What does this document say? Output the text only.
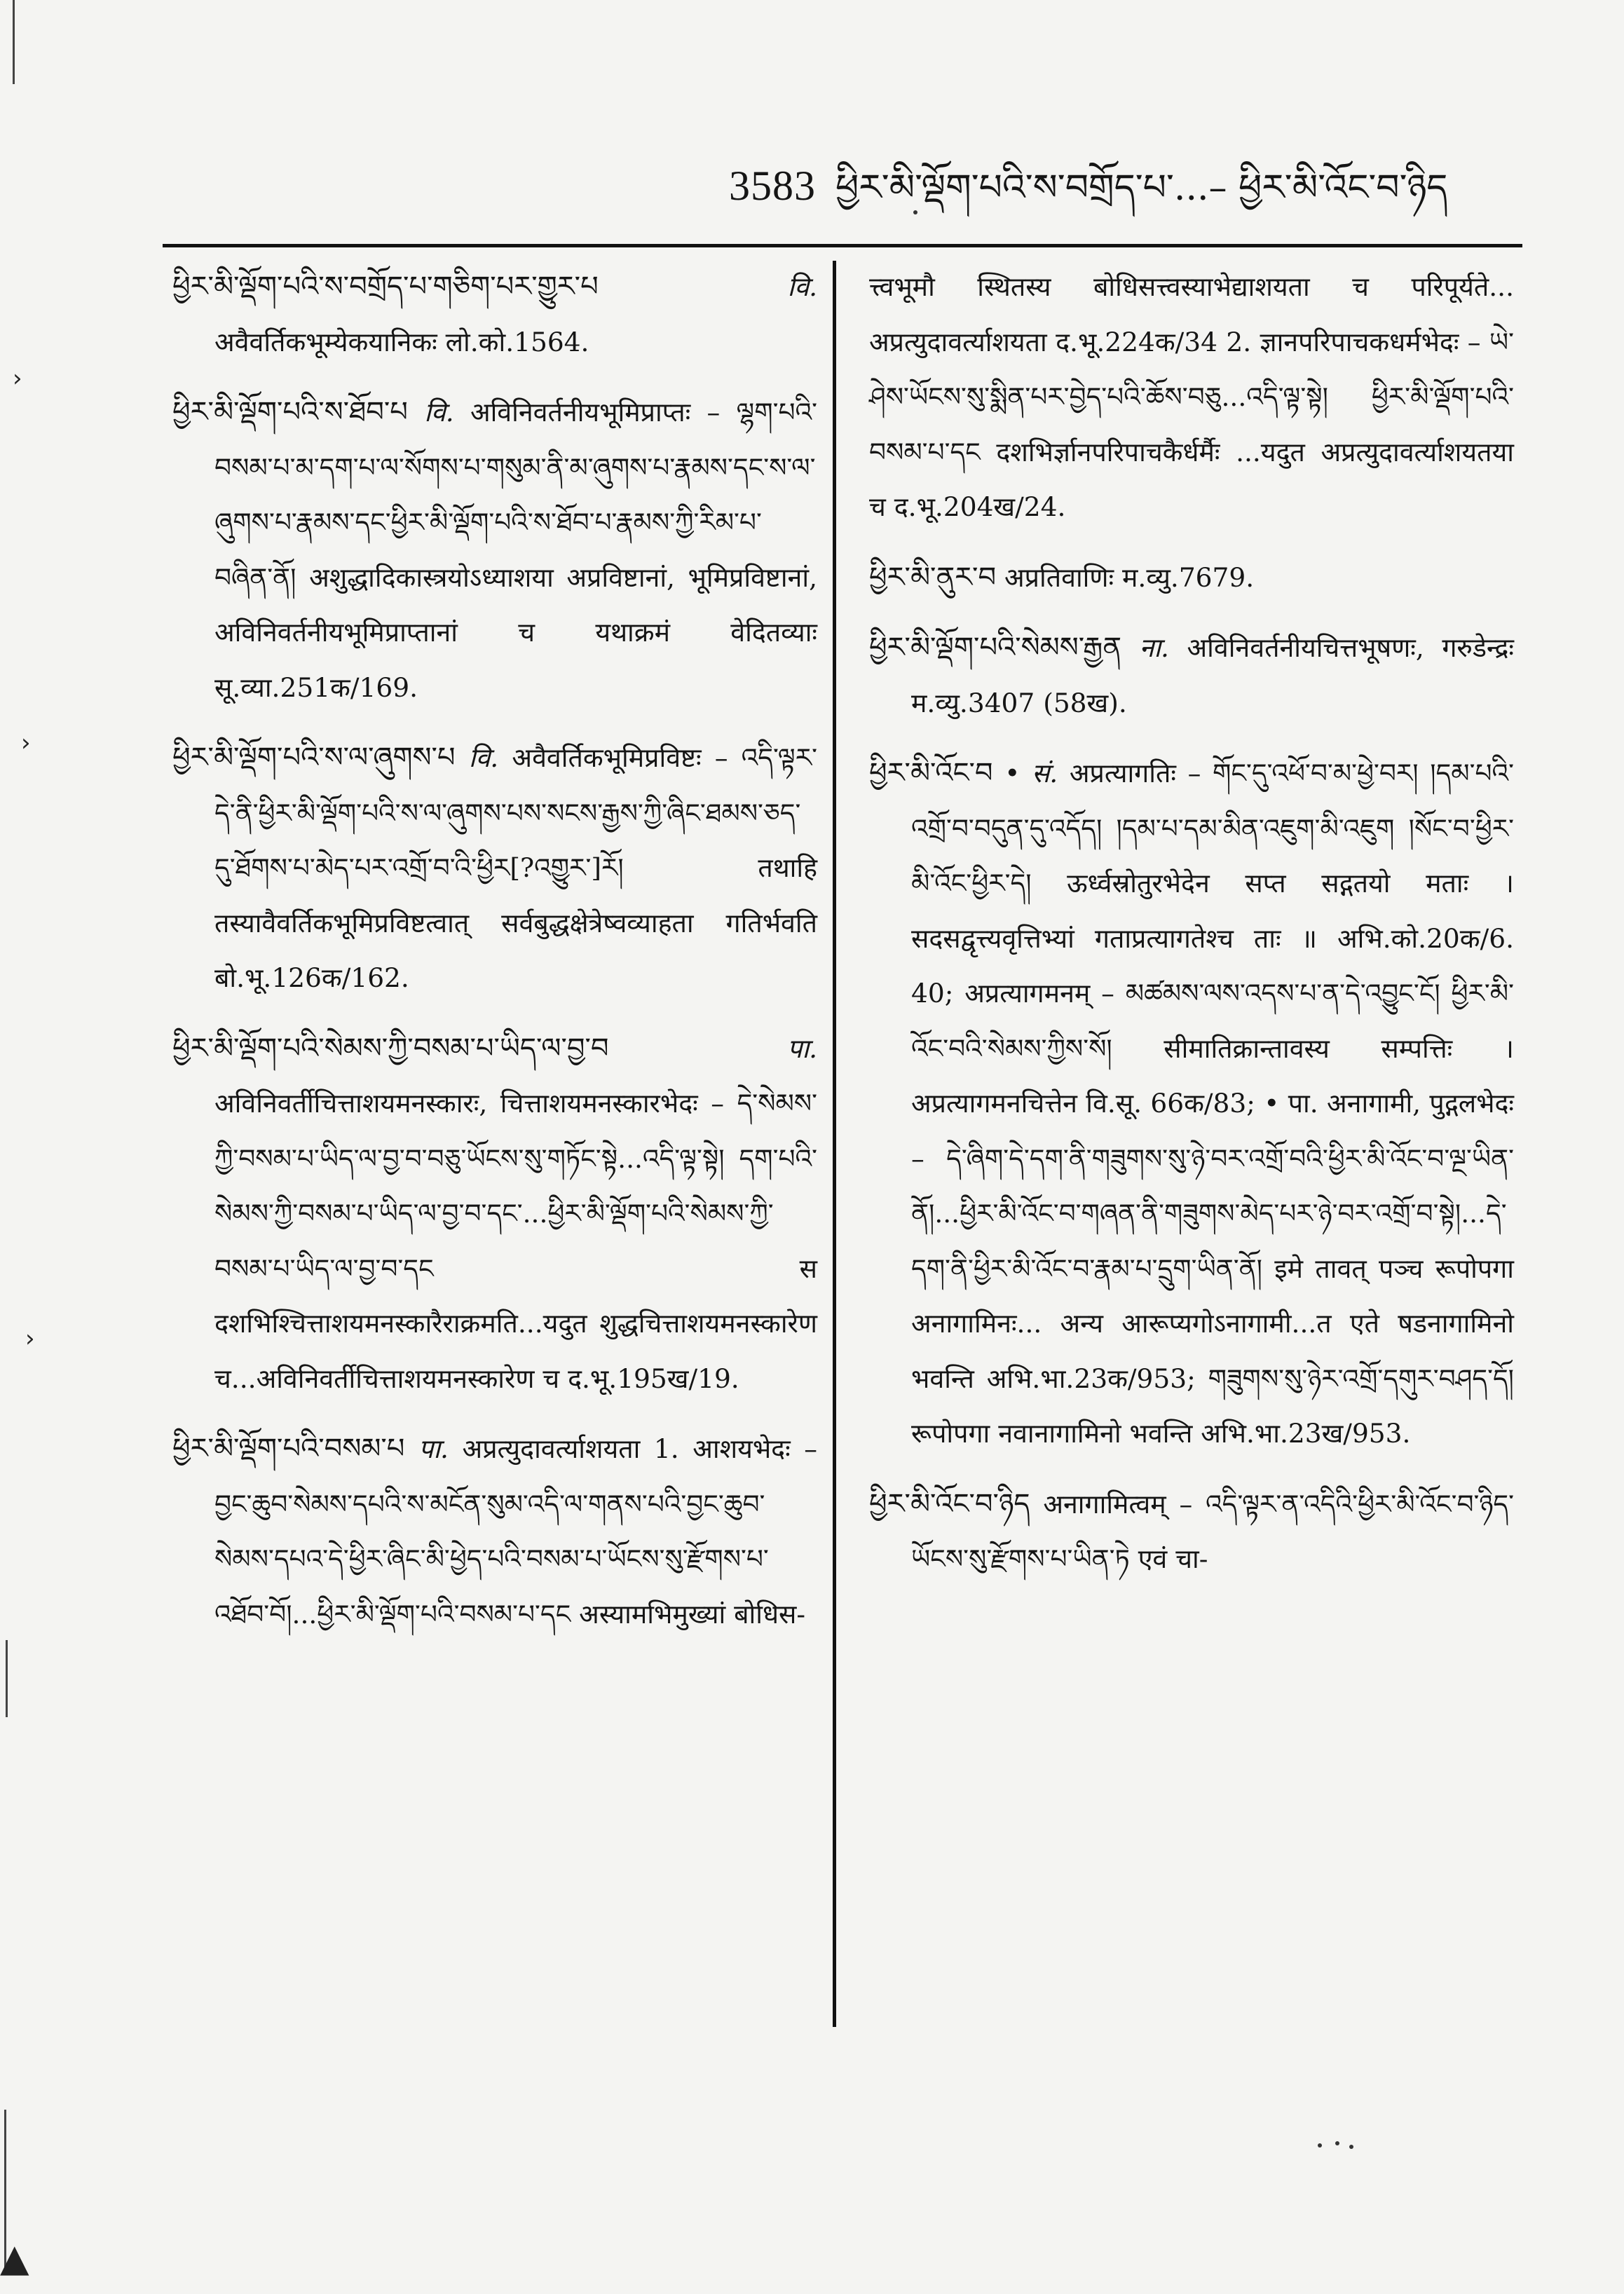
›
›
›
▲
3583 ཕྱིར་མི་ལྡོག་པའི་ས་བགྲོད་པ་...– ཕྱིར་མི་འོང་བ་ཉིད

ཕྱིར་མི་ལྡོག་པའི་ས་བགྲོད་པ་གཅིག་པར་གྱུར་པ	वि. अवैवर्तिकभूम्येकयानिकः लो.को.1564.

ཕྱིར་མི་ལྡོག་པའི་ས་ཐོབ་པ वि. अविनिवर्तनीयभूमिप्राप्तः – ལྷག་པའི་བསམ་པ་མ་དག་པ་ལ་སོགས་པ་གསུམ་ནི་མ་ཞུགས་པ་རྣམས་དང་ས་ལ་ཞུགས་པ་རྣམས་དང་ཕྱིར་མི་ལྡོག་པའི་ས་ཐོབ་པ་རྣམས་ཀྱི་རིམ་པ་བཞིན་ནོ། अशुद्धादिकास्त्रयोऽध्याशया अप्रविष्टानां, भूमिप्रविष्टानां, अविनिवर्तनीयभूमिप्राप्तानां च यथाक्रमं वेदितव्याः सू.व्या.251क/169.

ཕྱིར་མི་ལྡོག་པའི་ས་ལ་ཞུགས་པ वि. अवैवर्तिकभूमिप्रविष्टः – འདི་ལྟར་དེ་ནི་ཕྱིར་མི་ལྡོག་པའི་ས་ལ་ཞུགས་པས་སངས་རྒྱས་ཀྱི་ཞིང་ཐམས་ཅད་དུ་ཐོགས་པ་མེད་པར་འགྲོ་བ་འི་ཕྱིར[?འགྱུར་]རོ། तथाहि तस्यावैवर्तिकभूमिप्रविष्टत्वात् सर्वबुद्धक्षेत्रेष्वव्याहता गतिर्भवति बो.भू.126क/162.

ཕྱིར་མི་ལྡོག་པའི་སེམས་ཀྱི་བསམ་པ་ཡིད་ལ་བྱ་བ	पा. अविनिवर्तीचित्ताशयमनस्कारः, चित्ताशयमनस्कारभेदः – དེ་སེམས་ཀྱི་བསམ་པ་ཡིད་ལ་བྱ་བ་བཅུ་ཡོངས་སུ་གཏོང་སྟེ...འདི་ལྟ་སྟེ། དག་པའི་སེམས་ཀྱི་བསམ་པ་ཡིད་ལ་བྱ་བ་དང་...ཕྱིར་མི་ལྡོག་པའི་སེམས་ཀྱི་བསམ་པ་ཡིད་ལ་བྱ་བ་དང स दशभिश्चित्ताशयमनस्कारैराक्रमति...यदुत शुद्धचित्ताशयमनस्कारेण च...अविनिवर्तीचित्ताशयमनस्कारेण च द.भू.195ख/19.

ཕྱིར་མི་ལྡོག་པའི་བསམ་པ पा. अप्रत्युदावर्त्याशयता 1. आशयभेदः – བྱང་ཆུབ་སེམས་དཔའི་ས་མངོན་སུམ་འདི་ལ་གནས་པའི་བྱང་ཆུབ་སེམས་དཔའ་དེ་ཕྱིར་ཞིང་མི་ཕྱེད་པའི་བསམ་པ་ཡོངས་སུ་རྫོགས་པ་འཐོབ་བོ།...ཕྱིར་མི་ལྡོག་པའི་བསམ་པ་དང अस्यामभिमुख्यां बोधिस-

त्त्वभूमौ स्थितस्य बोधिसत्त्वस्याभेद्याशयता च परिपूर्यते... अप्रत्युदावर्त्याशयता द.भू.224क/34 2. ज्ञानपरिपाचकधर्मभेदः – ཡེ་ཤེས་ཡོངས་སུ་སྨིན་པར་བྱེད་པའི་ཆོས་བཅུ...འདི་ལྟ་སྟེ། ཕྱིར་མི་ལྡོག་པའི་བསམ་པ་དང दशभिर्ज्ञानपरिपाचकैर्धर्मैः ...यदुत अप्रत्युदावर्त्याशयतया च द.भू.204ख/24.

ཕྱིར་མི་ནུར་བ अप्रतिवाणिः म.व्यु.7679.

ཕྱིར་མི་ལྡོག་པའི་སེམས་རྒྱན ना. अविनिवर्तनीयचित्तभूषणः, गरुडेन्द्रः म.व्यु.3407 (58ख).

ཕྱིར་མི་འོང་བ • सं. अप्रत्यागतिः – གོང་དུ་འཕོ་བ་མ་ཕྱེ་བར། །དམ་པའི་འགྲོ་བ་བདུན་དུ་འདོད། །དམ་པ་དམ་མིན་འཇུག་མི་འཇུག །སོང་བ་ཕྱིར་མི་འོང་ཕྱིར་དེ། ऊर्ध्वस्रोतुरभेदेन सप्त सद्गतयो मताः । सदसद्वृत्त्यवृत्तिभ्यां गताप्रत्यागतेश्च ताः ॥ अभि.को.20क/6. 40; अप्रत्यागमनम् – མཚམས་ལས་འདས་པ་ན་དེ་འབྱུང་ངོ། ཕྱིར་མི་འོང་བའི་སེམས་ཀྱིས་སོ། सीमातिक्रान्तावस्य सम्पत्तिः । अप्रत्यागमनचित्तेन वि.सू. 66क/83; • पा. अनागामी, पुद्गलभेदः – དེ་ཞིག་དེ་དག་ནི་གཟུགས་སུ་ཉེ་བར་འགྲོ་བའི་ཕྱིར་མི་འོང་བ་ལྔ་ཡིན་ནོ།...ཕྱིར་མི་འོང་བ་གཞན་ནི་གཟུགས་མེད་པར་ཉེ་བར་འགྲོ་བ་སྟེ།...དེ་དག་ནི་ཕྱིར་མི་འོང་བ་རྣམ་པ་དྲུག་ཡིན་ནོ། इमे तावत् पञ्च रूपोपगा अनागामिनः... अन्य आरूप्यगोऽनागामी...त एते षडनागामिनो भवन्ति अभि.भा.23क/953; གཟུགས་སུ་ཉེར་འགྲོ་དགུར་བཤད་དོ། रूपोपगा नवानागामिनो भवन्ति अभि.भा.23ख/953.

ཕྱིར་མི་འོང་བ་ཉིད अनागामित्वम् – འདི་ལྟར་ན་འདིའི་ཕྱིར་མི་འོང་བ་ཉིད་ཡོངས་སུ་རྫོགས་པ་ཡིན་ཏེ एवं चा-
